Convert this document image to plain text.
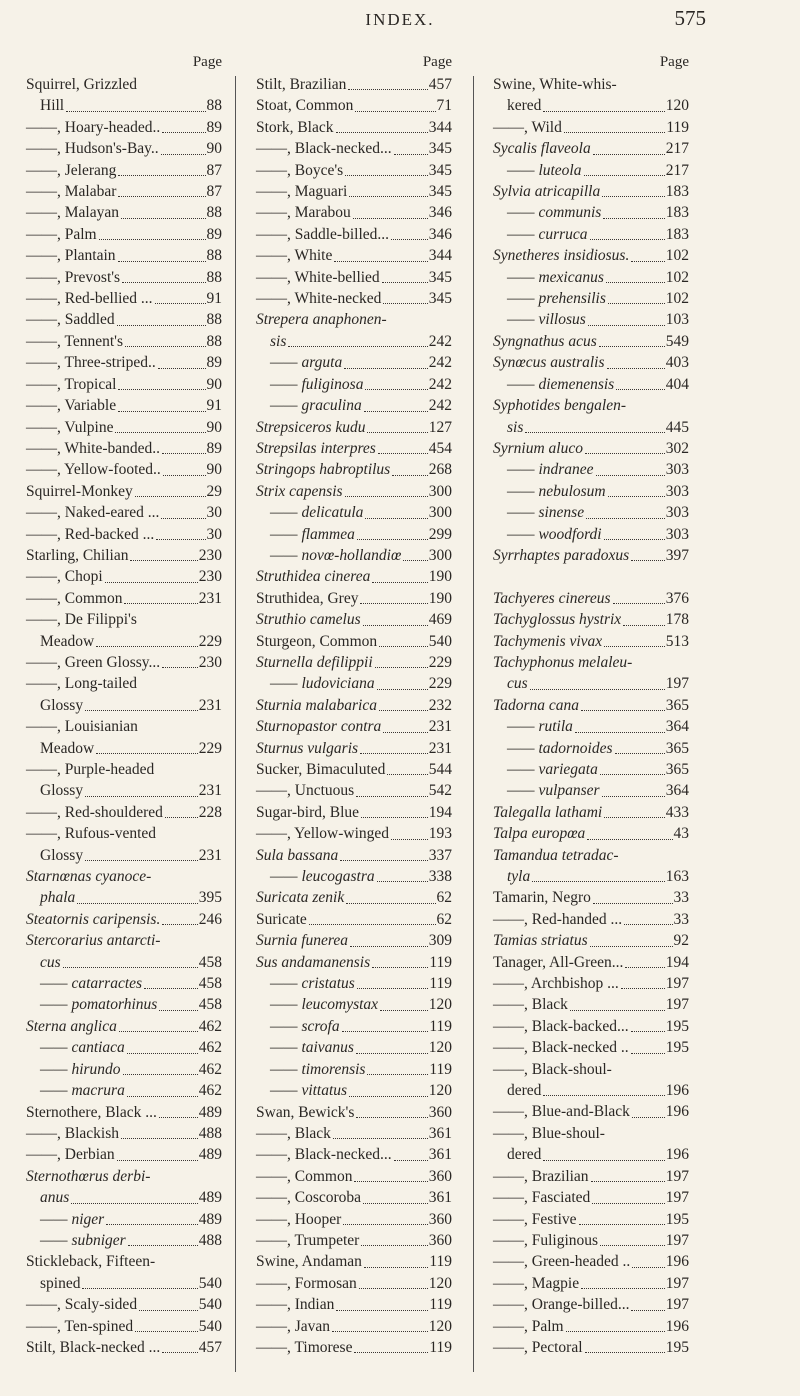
INDEX.	575
Page
Squirrel, Grizzled
Hill	88
——, Hoary-headed..	89
——, Hudson's-Bay..	90
——, Jelerang	87
——, Malabar	87
——, Malayan	88
——, Palm	89
——, Plantain	88
——, Prevost's	88
——, Red-bellied ...	91
——, Saddled	88
——, Tennent's	88
——, Three-striped..	89
——, Tropical	90
——, Variable	91
——, Vulpine	90
——, White-banded..	89
——, Yellow-footed..	90
Squirrel-Monkey	29
——, Naked-eared ...	30
——, Red-backed ...	30
Starling, Chilian	230
——, Chopi	230
——, Common	231
——, De Filippi's
Meadow	229
——, Green Glossy... 230
——, Long-tailed
Glossy	231
——, Louisianian
Meadow	229
——, Purple-headed
Glossy	231
——, Red-shouldered 228
——, Rufous-vented
Glossy	231
Starnœnas cyanoce-
phala	395
Steatornis caripensis. 246
Stercorarius antarcti-
cus	458
—— catarractes	458
—— pomatorhinus	458
Sterna anglica	462
—— cantiaca	462
—— hirundo	462
—— macrura	462
Sternothere, Black ...	489
——, Blackish	488
——, Derbian	489
Sternothœrus derbi-
anus	489
—— niger	489
—— subniger	488
Stickleback, Fifteen-
spined	540
——, Scaly-sided	540
——, Ten-spined	540
Stilt, Black-necked ... 457
Page
Stilt, Brazilian	457
Stoat, Common	71
Stork, Black	344
——, Black-necked... 345
——, Boyce's	345
——, Maguari	345
——, Marabou	346
——, Saddle-billed...	346
——, White	344
——, White-bellied	345
——, White-necked	345
Strepera anaphonen-
sis	242
—— arguta	242
—— fuliginosa	242
—— graculina	242
Strepsiceros kudu	127
Strepsilas interpres	454
Stringops habroptilus 268
Strix capensis	300
—— delicatula	300
—— flammea	299
—— novœ-hollandiœ 300
Struthidea cinerea	190
Struthidea, Grey	190
Struthio camelus	469
Sturgeon, Common	540
Sturnella defilippii	229
—— ludoviciana	229
Sturnia malabarica	232
Sturnopastor contra	231
Sturnus vulgaris	231
Sucker, Bimaculuted	544
——, Unctuous	542
Sugar-bird, Blue	194
——, Yellow-winged	193
Sula bassana	337
—— leucogastra	338
Suricata zenik	62
Suricate	62
Surnia funerea	309
Sus andamanensis	119
—— cristatus	119
—— leucomystax	120
—— scrofa	119
—— taivanus	120
—— timorensis	119
—— vittatus	120
Swan, Bewick's	360
——, Black	361
——, Black-necked... 361
——, Common	360
——, Coscoroba	361
——, Hooper	360
——, Trumpeter	360
Swine, Andaman	119
——, Formosan	120
——, Indian	119
——, Javan	120
——, Timorese	119
Page
Swine, White-whis-
kered	120
——, Wild	119
Sycalis flaveola	217
—— luteola	217
Sylvia atricapilla	183
—— communis	183
—— curruca	183
Synetheres insidiosus. 102
—— mexicanus	102
—— prehensilis	102
—— villosus	103
Syngnathus acus	549
Synœcus australis	403
—— diemenensis	404
Syphotides bengalen-
sis	445
Syrnium aluco	302
—— indranee	303
—— nebulosum	303
—— sinense	303
—— woodfordi	303
Syrrhaptes paradoxus 397
Tachyeres cinereus	376
Tachyglossus hystrix	178
Tachymenis vivax	513
Tachyphonus melaleu-
cus	197
Tadorna cana	365
—— rutila	364
—— tadornoides	365
—— variegata	365
—— vulpanser	364
Talegalla lathami	433
Talpa europœa	43
Tamandua tetradac-
tyla	163
Tamarin, Negro	33
——, Red-handed ...	33
Tamias striatus	92
Tanager, All-Green...	194
——, Archbishop ...	197
——, Black	197
——, Black-backed... 195
——, Black-necked .. 195
——, Black-shoul-
dered	196
——, Blue-and-Black 196
——, Blue-shoul-
dered	196
——, Brazilian	197
——, Fasciated	197
——, Festive	195
——, Fuliginous	197
——, Green-headed .. 196
——, Magpie	197
——, Orange-billed... 197
——, Palm	196
——, Pectoral	195
